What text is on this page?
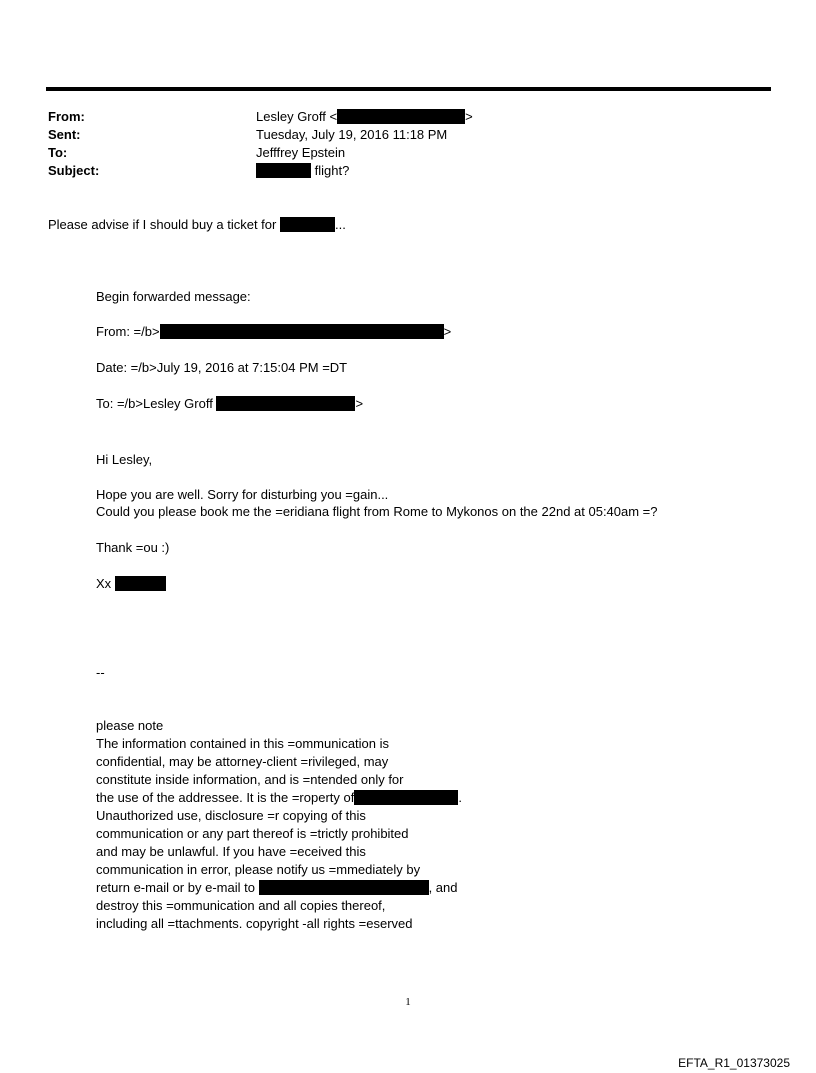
From:	Lesley Groff <	>
Sent:	Tuesday, July 19, 2016 11:18 PM
To:	Jefffrey Epstein
Subject:	flight?
Please advise if I should buy a ticket for	...
Begin forwarded message:
From: =/b>	>
Date: =/b>July 19, 2016 at 7:15:04 PM =DT
To: =/b>Lesley Groff	>
Hi Lesley,
Hope you are well. Sorry for disturbing you =gain...
Could you please book me the =eridiana flight from Rome to Mykonos on the 22nd at 05:40am =?
Thank =ou :)
Xx
--
please note
The information contained in this =ommunication is
confidential, may be attorney-client =rivileged, may
constitute inside information, and is =ntended only for
the use of the addressee. It is the =roperty of	.
Unauthorized use, disclosure =r copying of this
communication or any part thereof is =trictly prohibited
and may be unlawful. If you have =eceived this
communication in error, please notify us =mmediately by
return e-mail or by e-mail to	, and
destroy this =ommunication and all copies thereof,
including all =ttachments. copyright -all rights =eserved
1
EFTA_R1_01373025
